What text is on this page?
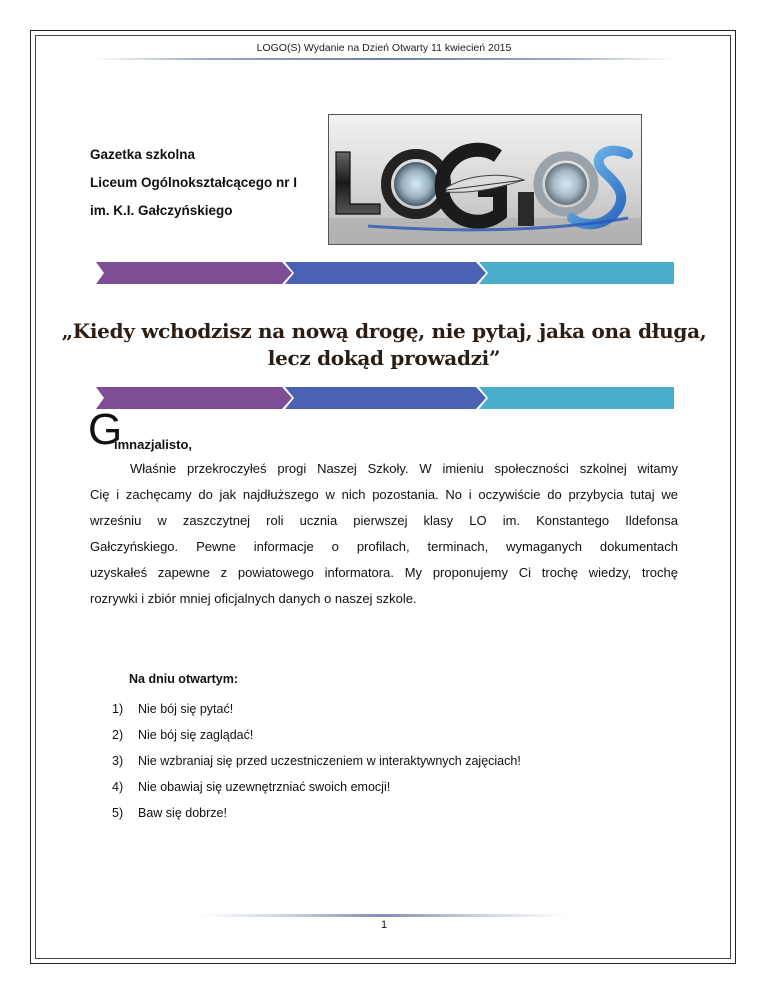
LOGO(S) Wydanie na Dzień Otwarty 11 kwiecień 2015
Gazetka szkolna
Liceum Ogólnokształcącego nr I
im. K.I. Gałczyńskiego
„Kiedy wchodzisz na nową drogę, nie pytaj, jaka ona długa,
lecz dokąd prowadzi”
G
imnazjalisto,
Właśnie przekroczyłeś progi Naszej Szkoły. W imieniu społeczności szkolnej witamy
Cię i zachęcamy do jak najdłuższego w nich pozostania. No i oczywiście do przybycia tutaj we
wrześniu w zaszczytnej roli ucznia pierwszej klasy LO im. Konstantego Ildefonsa
Gałczyńskiego. Pewne informacje o profilach, terminach, wymaganych dokumentach
uzyskałeś zapewne z powiatowego informatora. My proponujemy Ci trochę wiedzy, trochę
rozrywki i zbiór mniej oficjalnych danych o naszej szkole.
Na dniu otwartym:
1)	Nie bój się pytać!
2)	Nie bój się zaglądać!
3)	Nie wzbraniaj się przed uczestniczeniem w interaktywnych zajęciach!
4)	Nie obawiaj się uzewnętrzniać swoich emocji!
5)	Baw się dobrze!
1
